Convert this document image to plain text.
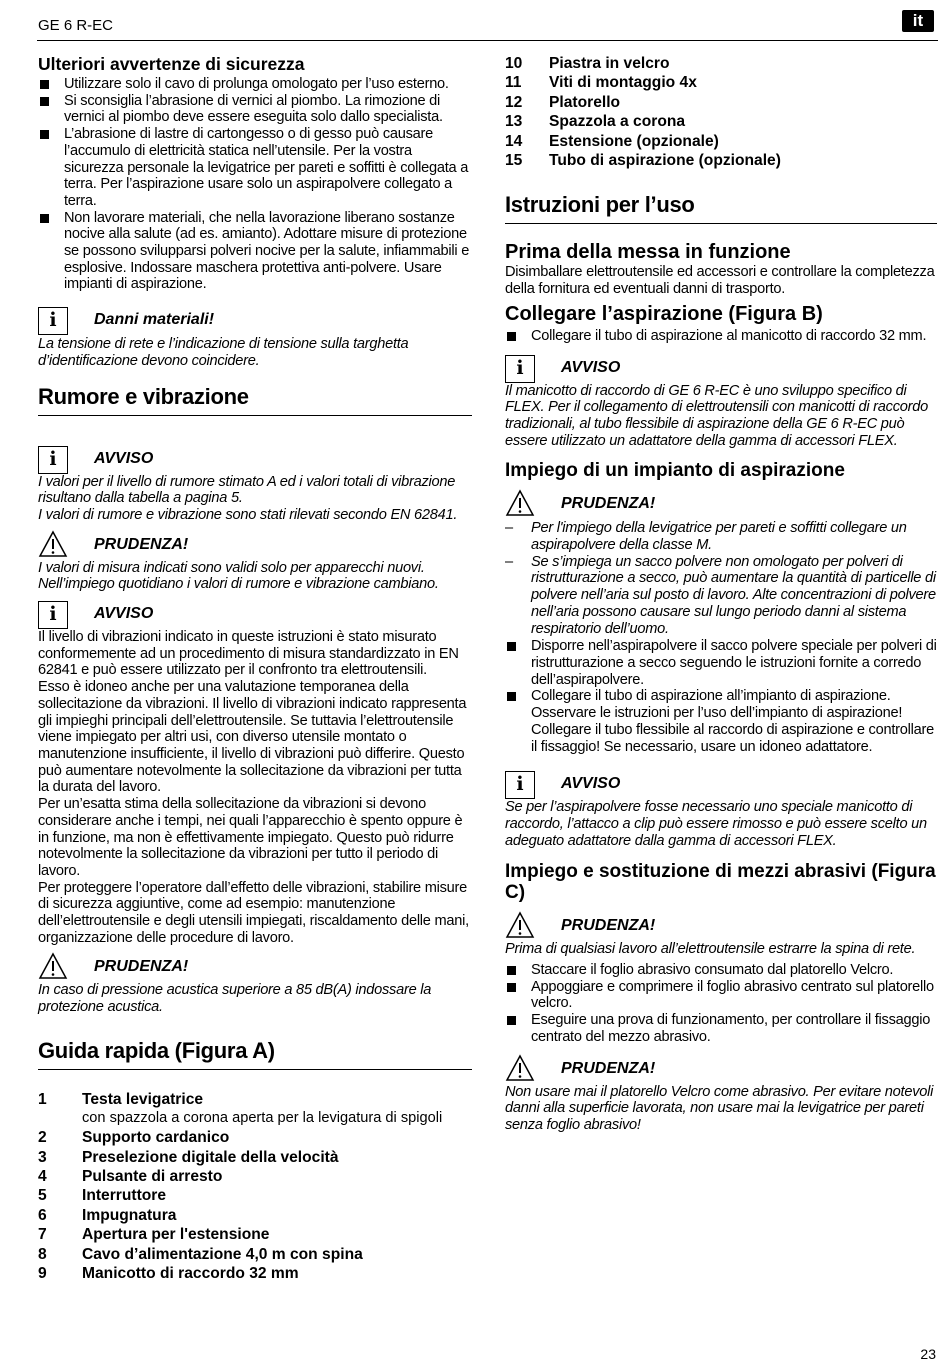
GE 6 R-EC	it
Ulteriori avvertenze di sicurezza
Utilizzare solo il cavo di prolunga omologato per l’uso esterno.
Si sconsiglia l’abrasione di vernici al piombo. La rimozione di vernici al piombo deve essere eseguita solo dallo specialista.
L’abrasione di lastre di cartongesso o di gesso può causare l’accumulo di elettricità statica nell’utensile. Per la vostra sicurezza personale la levigatrice per pareti e soffitti è collegata a terra. Per l’aspirazione usare solo un aspirapolvere collegato a terra.
Non lavorare materiali, che nella lavorazione liberano sostanze nocive alla salute (ad es. amianto). Adottare misure di protezione se possono svilupparsi polveri nocive per la salute, infiammabili e esplosive. Indossare maschera protettiva anti-polvere. Usare impianti di aspirazione.
i	Danni materiali!
La tensione di rete e l’indicazione di tensione sulla targhetta d’identificazione devono coincidere.
Rumore e vibrazione
i	AVVISO
I valori per il livello di rumore stimato A ed i valori totali di vibrazione risultano dalla tabella a pagina 5.
I valori di rumore e vibrazione sono stati rilevati secondo EN 62841.
PRUDENZA!
I valori di misura indicati sono validi solo per apparecchi nuovi. Nell’impiego quotidiano i valori di rumore e vibrazione cambiano.
i	AVVISO
Il livello di vibrazioni indicato in queste istruzioni è stato misurato conformemente ad un procedimento di misura standardizzato in EN 62841 e può essere utilizzato per il confronto tra elettroutensili.
Esso è idoneo anche per una valutazione temporanea della sollecitazione da vibrazioni. Il livello di vibrazioni indicato rappresenta gli impieghi principali dell’elettroutensile. Se tuttavia l’elettroutensile viene impiegato per altri usi, con diverso utensile montato o manutenzione insufficiente, il livello di vibrazioni può differire. Questo può aumentare notevolmente la sollecitazione da vibrazioni per tutta la durata del lavoro.
Per un’esatta stima della sollecitazione da vibrazioni si devono considerare anche i tempi, nei quali l’apparecchio è spento oppure è in funzione, ma non è effettivamente impiegato. Questo può ridurre notevolmente la sollecitazione da vibrazioni per tutto il periodo di lavoro.
Per proteggere l’operatore dall’effetto delle vibrazioni, stabilire misure di sicurezza aggiuntive, come ad esempio: manutenzione dell’elettroutensile e degli utensili impiegati, riscaldamento delle mani, organizzazione delle procedure di lavoro.
PRUDENZA!
In caso di pressione acustica superiore a 85 dB(A) indossare la protezione acustica.
Guida rapida (Figura A)
1	Testa levigatrice
con spazzola a corona aperta per la levigatura di spigoli
2	Supporto cardanico
3	Preselezione digitale della velocità
4	Pulsante di arresto
5	Interruttore
6	Impugnatura
7	Apertura per l'estensione
8	Cavo d’alimentazione 4,0 m con spina
9	Manicotto di raccordo 32 mm
10	Piastra in velcro
11	Viti di montaggio 4x
12	Platorello
13	Spazzola a corona
14	Estensione (opzionale)
15	Tubo di aspirazione (opzionale)
Istruzioni per l’uso
Prima della messa in funzione
Disimballare elettroutensile ed accessori e controllare la completezza della fornitura ed eventuali danni di trasporto.
Collegare l’aspirazione (Figura B)
Collegare il tubo di aspirazione al manicotto di raccordo 32 mm.
i	AVVISO
Il manicotto di raccordo di GE 6 R-EC è uno sviluppo specifico di FLEX. Per il collegamento di elettroutensili con manicotti di raccordo tradizionali, al tubo flessibile di aspirazione della GE 6 R-EC può essere utilizzato un adattatore della gamma di accessori FLEX.
Impiego di un impianto di aspirazione
PRUDENZA!
– Per l'impiego della levigatrice per pareti e soffitti collegare un aspirapolvere della classe M.
– Se s’impiega un sacco polvere non omologato per polveri di ristrutturazione a secco, può aumentare la quantità di particelle di polvere nell’aria sul posto di lavoro. Alte concentrazioni di polvere nell’aria possono causare sul lungo periodo danni al sistema respiratorio dell’uomo.
Disporre nell’aspirapolvere il sacco polvere speciale per polveri di ristrutturazione a secco seguendo le istruzioni fornite a corredo dell’aspirapolvere.
Collegare il tubo di aspirazione all’impianto di aspirazione. Osservare le istruzioni per l’uso dell’impianto di aspirazione! Collegare il tubo flessibile al raccordo di aspirazione e controllare il fissaggio! Se necessario, usare un idoneo adattatore.
i	AVVISO
Se per l’aspirapolvere fosse necessario uno speciale manicotto di raccordo, l’attacco a clip può essere rimosso e può essere scelto un adeguato adattatore dalla gamma di accessori FLEX.
Impiego e sostituzione di mezzi abrasivi (Figura C)
PRUDENZA!
Prima di qualsiasi lavoro all’elettroutensile estrarre la spina di rete.
Staccare il foglio abrasivo consumato dal platorello Velcro.
Appoggiare e comprimere il foglio abrasivo centrato sul platorello velcro.
Eseguire una prova di funzionamento, per controllare il fissaggio centrato del mezzo abrasivo.
PRUDENZA!
Non usare mai il platorello Velcro come abrasivo. Per evitare notevoli danni alla superficie lavorata, non usare mai la levigatrice per pareti senza foglio abrasivo!
23
